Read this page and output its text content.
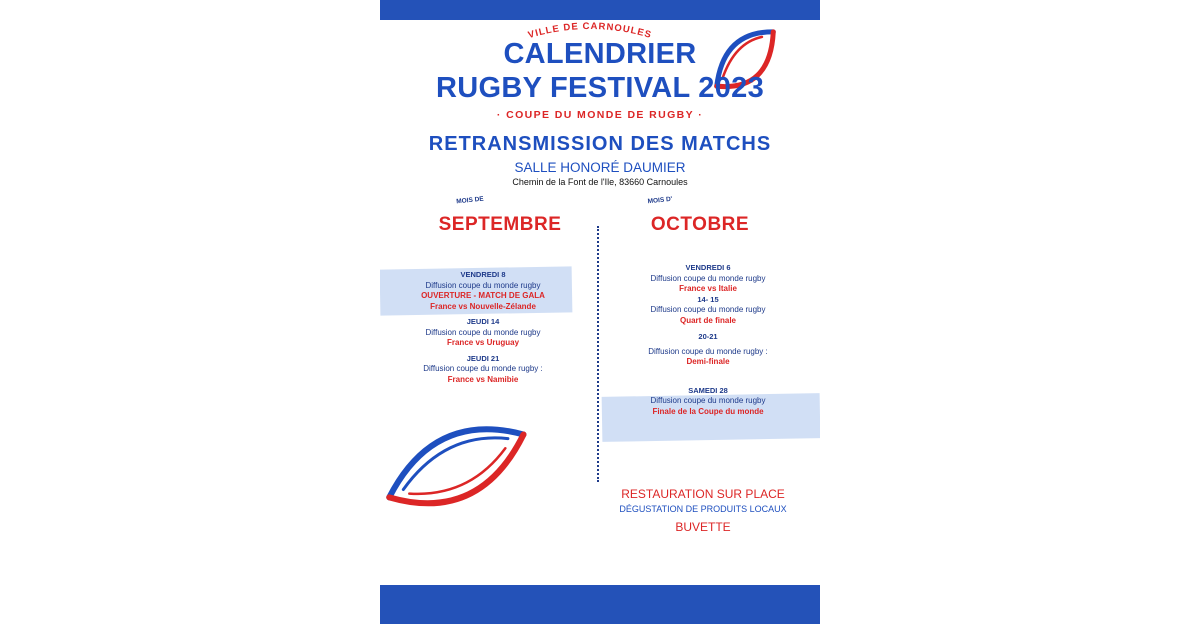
VILLE DE CARNOULES
CALENDRIER
RUGBY FESTIVAL 2023
· COUPE DU MONDE DE RUGBY ·
RETRANSMISSION DES MATCHS
SALLE HONORÉ DAUMIER
Chemin de la Font de l'Ile, 83660 Carnoules
MOIS DE
SEPTEMBRE
MOIS D'
OCTOBRE
VENDREDI 8
Diffusion coupe du monde rugby
OUVERTURE - MATCH DE GALA
France vs Nouvelle-Zélande
JEUDI 14
Diffusion coupe du monde rugby
France vs Uruguay
JEUDI 21
Diffusion coupe du monde rugby :
France vs Namibie
VENDREDI 6
Diffusion coupe du monde rugby
France vs Italie
14- 15
Diffusion coupe du monde rugby
Quart de finale
20-21
Diffusion coupe du monde rugby :
Demi-finale
SAMEDI 28
Diffusion coupe du monde rugby
Finale de la Coupe du monde
RESTAURATION SUR PLACE
DÉGUSTATION DE PRODUITS LOCAUX
BUVETTE
